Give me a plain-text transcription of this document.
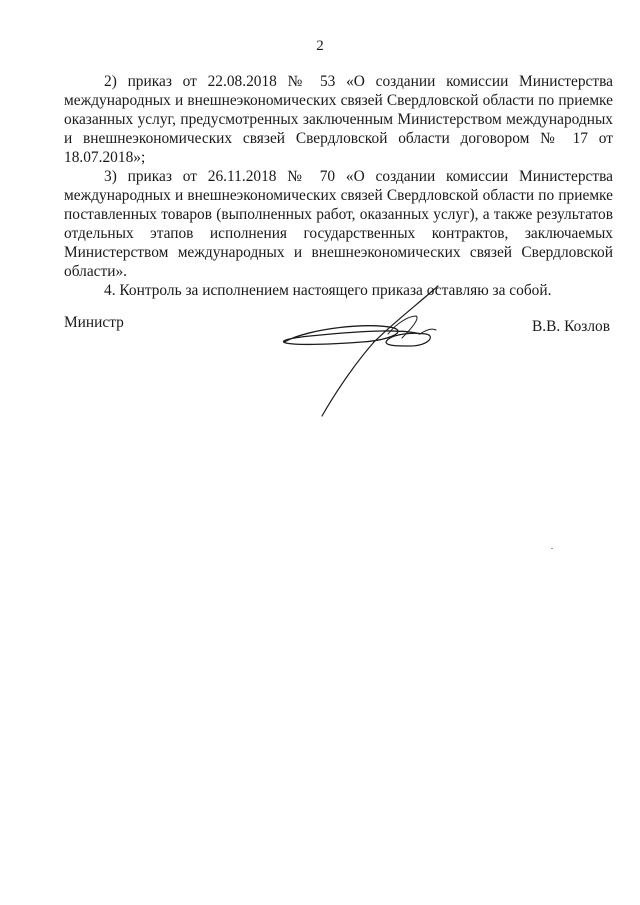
2

2) приказ от 22.08.2018 № 53 «О создании комиссии Министерства международных и внешнеэкономических связей Свердловской области по приемке оказанных услуг, предусмотренных заключенным Министерством международных и внешнеэкономических связей Свердловской области договором № 17 от 18.07.2018»;

3) приказ от 26.11.2018 № 70 «О создании комиссии Министерства международных и внешнеэкономических связей Свердловской области по приемке поставленных товаров (выполненных работ, оказанных услуг), а также результатов отдельных этапов исполнения государственных контрактов, заключаемых Министерством международных и внешнеэкономических связей Свердловской области».

4. Контроль за исполнением настоящего приказа оставляю за собой.

Министр	В.В. Козлов
